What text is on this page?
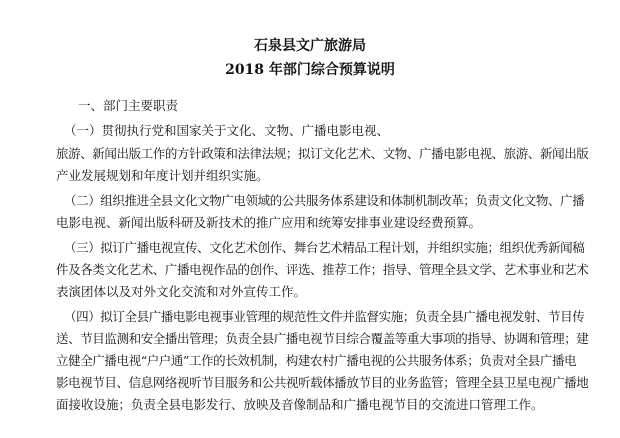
石泉县文广旅游局
2018 年部门综合预算说明
一、部门主要职责
（一）贯彻执行党和国家关于文化、文物、广播电影电视、
旅游、新闻出版工作的方针政策和法律法规；拟订文化艺术、文物、广播电影电视、旅游、新闻出版
产业发展规划和年度计划并组织实施。
（二）组织推进全县文化文物广电领域的公共服务体系建设和体制机制改革；负责文化文物、广播
电影电视、新闻出版科研及新技术的推广应用和统筹安排事业建设经费预算。
（三）拟订广播电视宣传、文化艺术创作、舞台艺术精品工程计划，并组织实施；组织优秀新闻稿
件及各类文化艺术、广播电视作品的创作、评选、推荐工作；指导、管理全县文学、艺术事业和艺术
表演团体以及对外文化交流和对外宣传工作。
（四）拟订全县广播电影电视事业管理的规范性文件并监督实施；负责全县广播电视发射、节目传
送、节目监测和安全播出管理；负责全县广播电视节目综合覆盖等重大事项的指导、协调和管理；建
立健全广播电视“户户通”工作的长效机制，构建农村广播电视的公共服务体系；负责对全县广播电
影电视节目、信息网络视听节目服务和公共视听载体播放节目的业务监管；管理全县卫星电视广播地
面接收设施；负责全县电影发行、放映及音像制品和广播电视节目的交流进口管理工作。
